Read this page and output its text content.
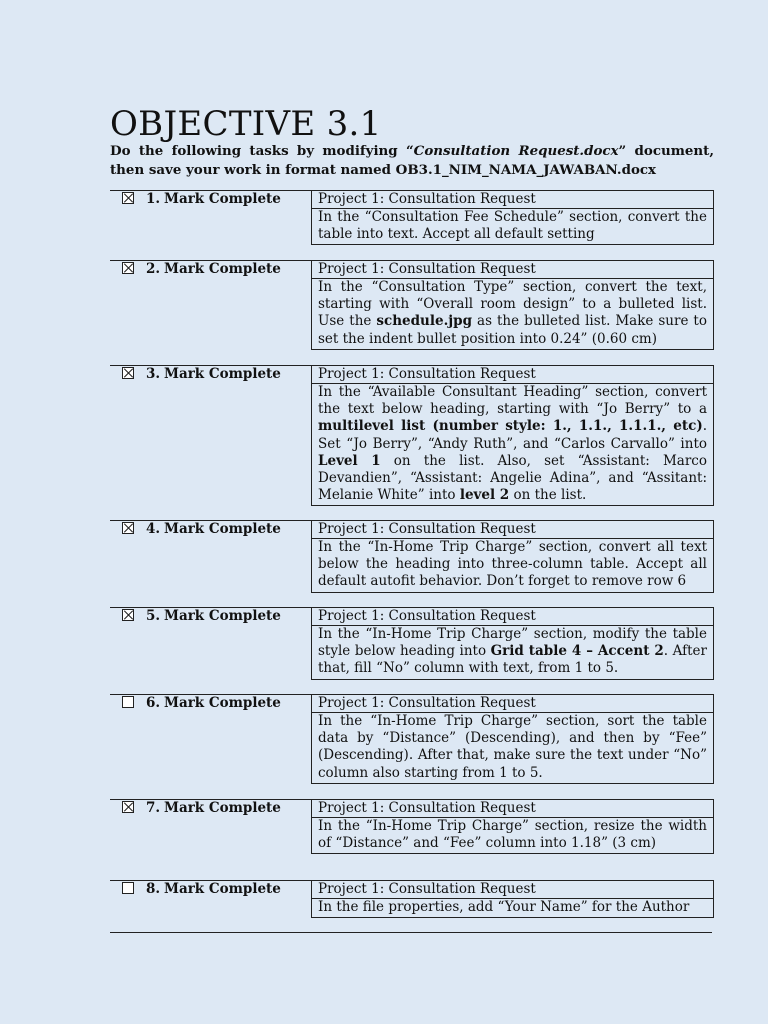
OBJECTIVE 3.1
Do the following tasks by modifying “Consultation Request.docx” document, then save your work in format named OB3.1_NIM_NAMA_JAWABAN.docx
1. Mark Complete	Project 1: Consultation Request
In the “Consultation Fee Schedule” section, convert the table into text. Accept all default setting
2. Mark Complete	Project 1: Consultation Request
In the “Consultation Type” section, convert the text, starting with “Overall room design” to a bulleted list. Use the schedule.jpg as the bulleted list. Make sure to set the indent bullet position into 0.24” (0.60 cm)
3. Mark Complete	Project 1: Consultation Request
In the “Available Consultant Heading” section, convert the text below heading, starting with “Jo Berry” to a multilevel list (number style: 1., 1.1., 1.1.1., etc). Set “Jo Berry”, “Andy Ruth”, and “Carlos Carvallo” into Level 1 on the list. Also, set “Assistant: Marco Devandien”, “Assistant: Angelie Adina”, and “Assitant: Melanie White” into level 2 on the list.
4. Mark Complete	Project 1: Consultation Request
In the “In-Home Trip Charge” section, convert all text below the heading into three-column table. Accept all default autofit behavior. Don’t forget to remove row 6
5. Mark Complete	Project 1: Consultation Request
In the “In-Home Trip Charge” section, modify the table style below heading into Grid table 4 – Accent 2. After that, fill “No” column with text, from 1 to 5.
6. Mark Complete	Project 1: Consultation Request
In the “In-Home Trip Charge” section, sort the table data by “Distance” (Descending), and then by “Fee” (Descending). After that, make sure the text under “No” column also starting from 1 to 5.
7. Mark Complete	Project 1: Consultation Request
In the “In-Home Trip Charge” section, resize the width of “Distance” and “Fee” column into 1.18” (3 cm)
8. Mark Complete	Project 1: Consultation Request
In the file properties, add “Your Name” for the Author
